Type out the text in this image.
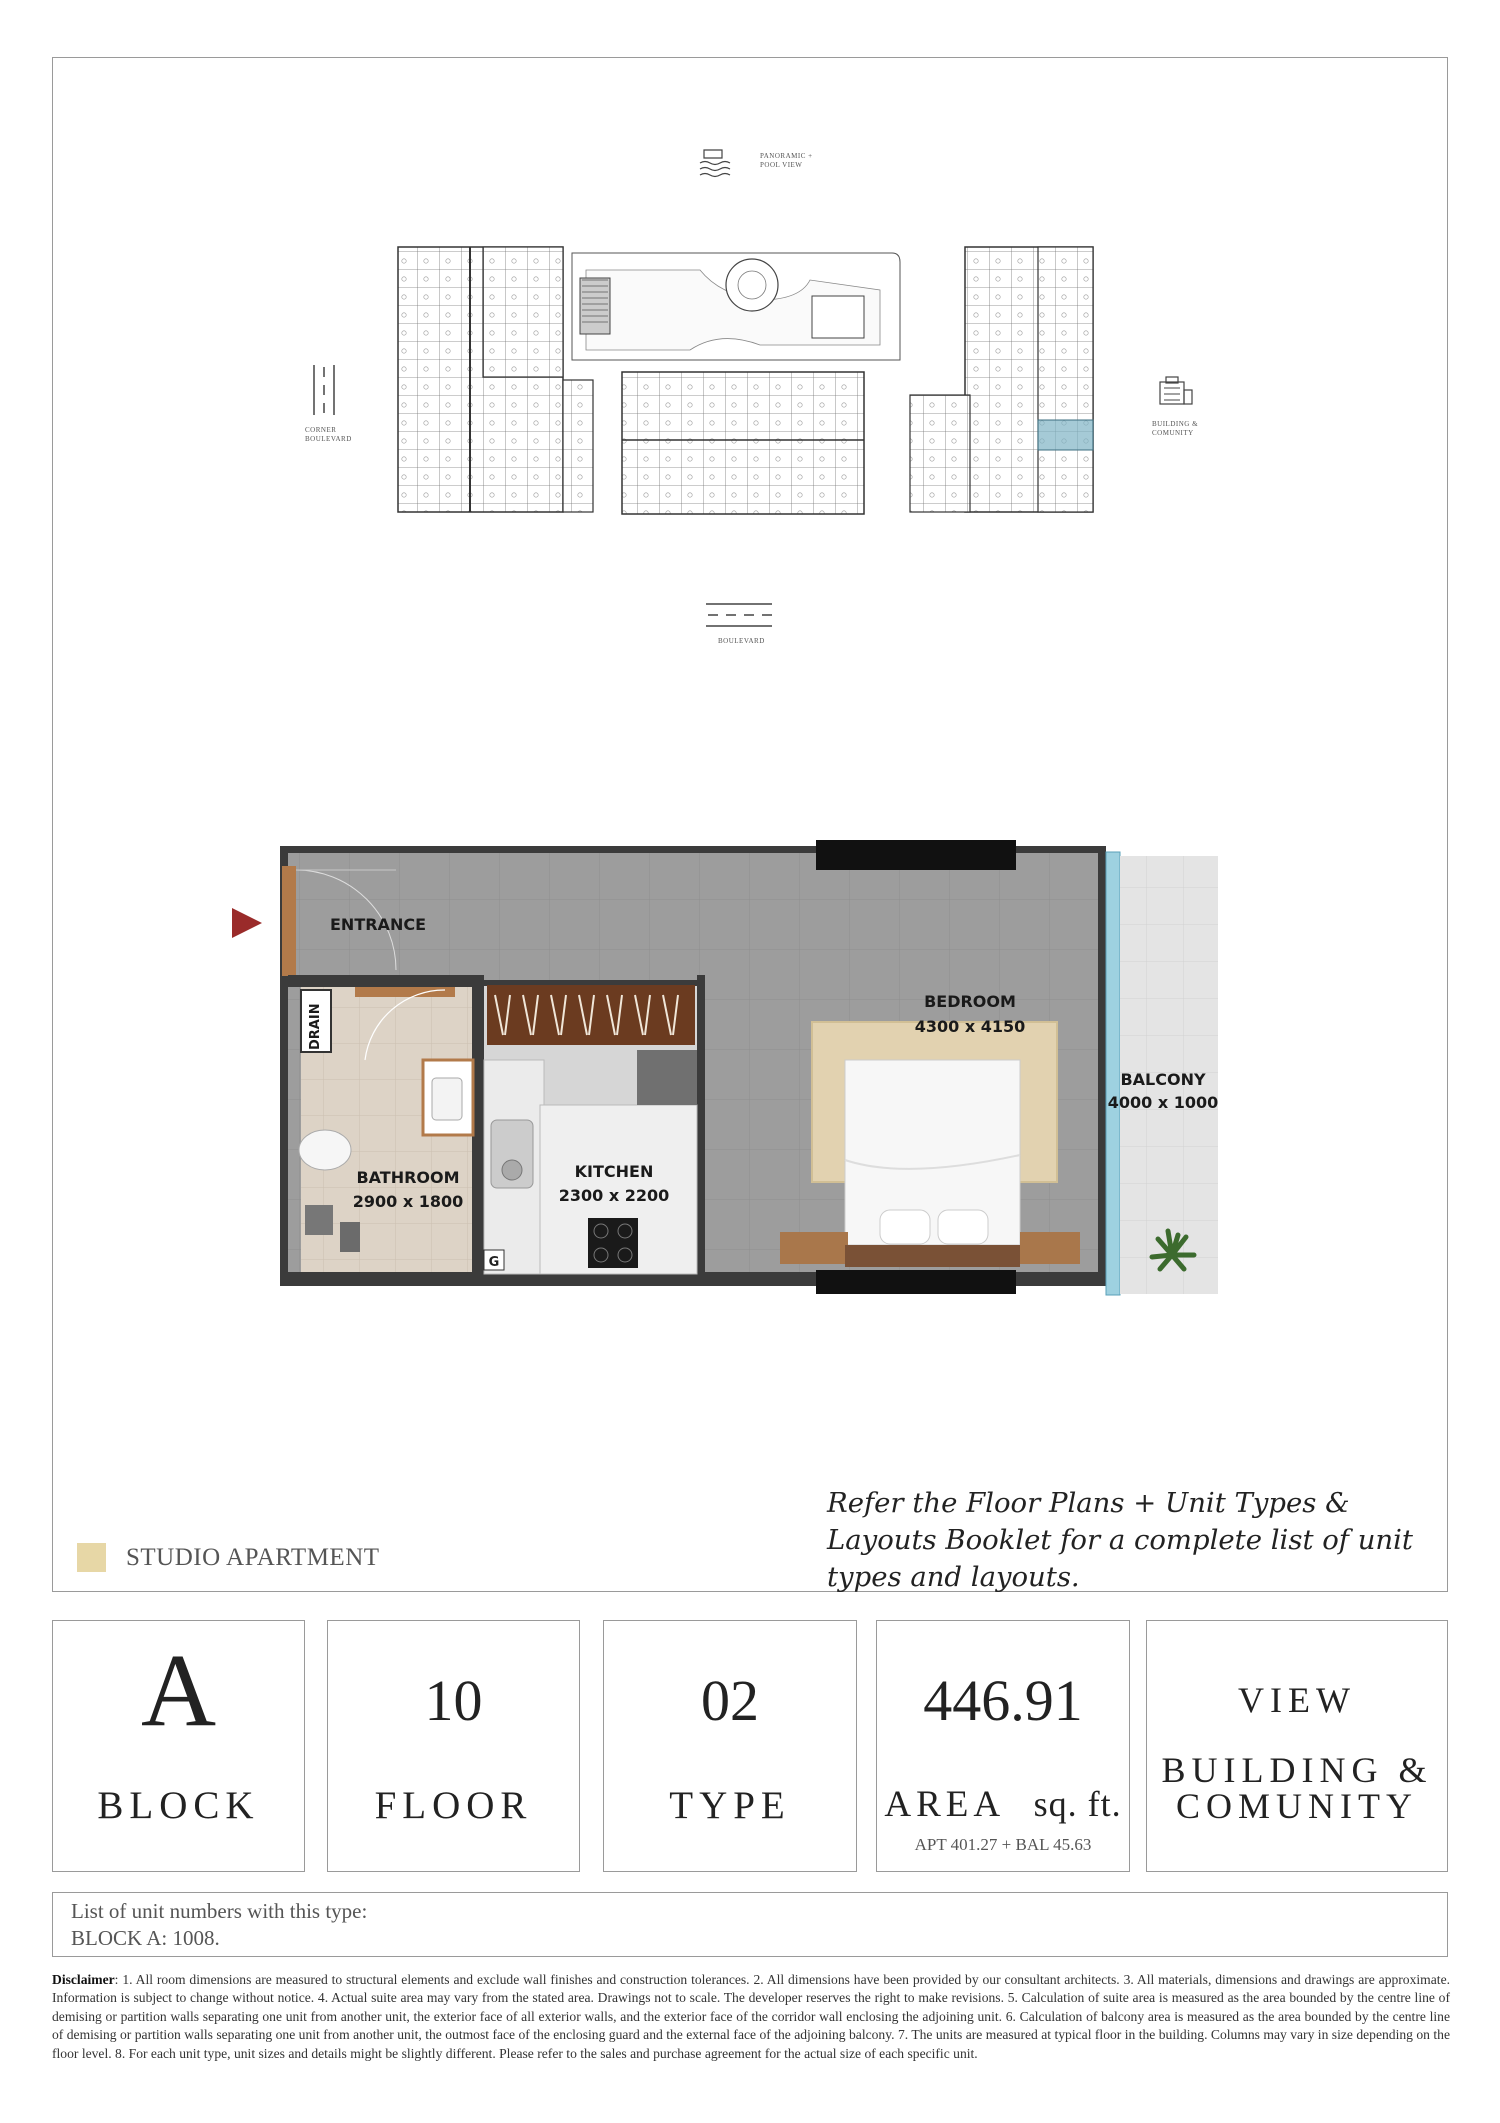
PANORAMIC + POOL VIEW
CORNER BOULEVARD
BUILDING & COMUNITY
BOULEVARD
ENTRANCE
DRAIN
BEDROOM
4300 x 4150
BALCONY
4000 x 1000
BATHROOM
2900 x 1800
KITCHEN
2300 x 2200
G
STUDIO APARTMENT
Refer the Floor Plans + Unit Types & Layouts Booklet for a complete list of unit types and layouts.
A
BLOCK
10
FLOOR
02
TYPE
446.91
AREA sq. ft.
APT 401.27 + BAL 45.63
VIEW
BUILDING &
COMUNITY
List of unit numbers with this type:
BLOCK A: 1008.
Disclaimer: 1. All room dimensions are measured to structural elements and exclude wall finishes and construction tolerances. 2. All dimensions have been provided by our consultant architects. 3. All materials, dimensions and drawings are approximate. Information is subject to change without notice. 4. Actual suite area may vary from the stated area. Drawings not to scale. The developer reserves the right to make revisions. 5. Calculation of suite area is measured as the area bounded by the centre line of demising or partition walls separating one unit from another unit, the exterior face of all exterior walls, and the exterior face of the corridor wall enclosing the adjoining unit. 6. Calculation of balcony area is measured as the area bounded by the centre line of demising or partition walls separating one unit from another unit, the outmost face of the enclosing guard and the external face of the adjoining balcony. 7. The units are measured at typical floor in the building. Columns may vary in size depending on the floor level. 8. For each unit type, unit sizes and details might be slightly different. Please refer to the sales and purchase agreement for the actual size of each specific unit.
